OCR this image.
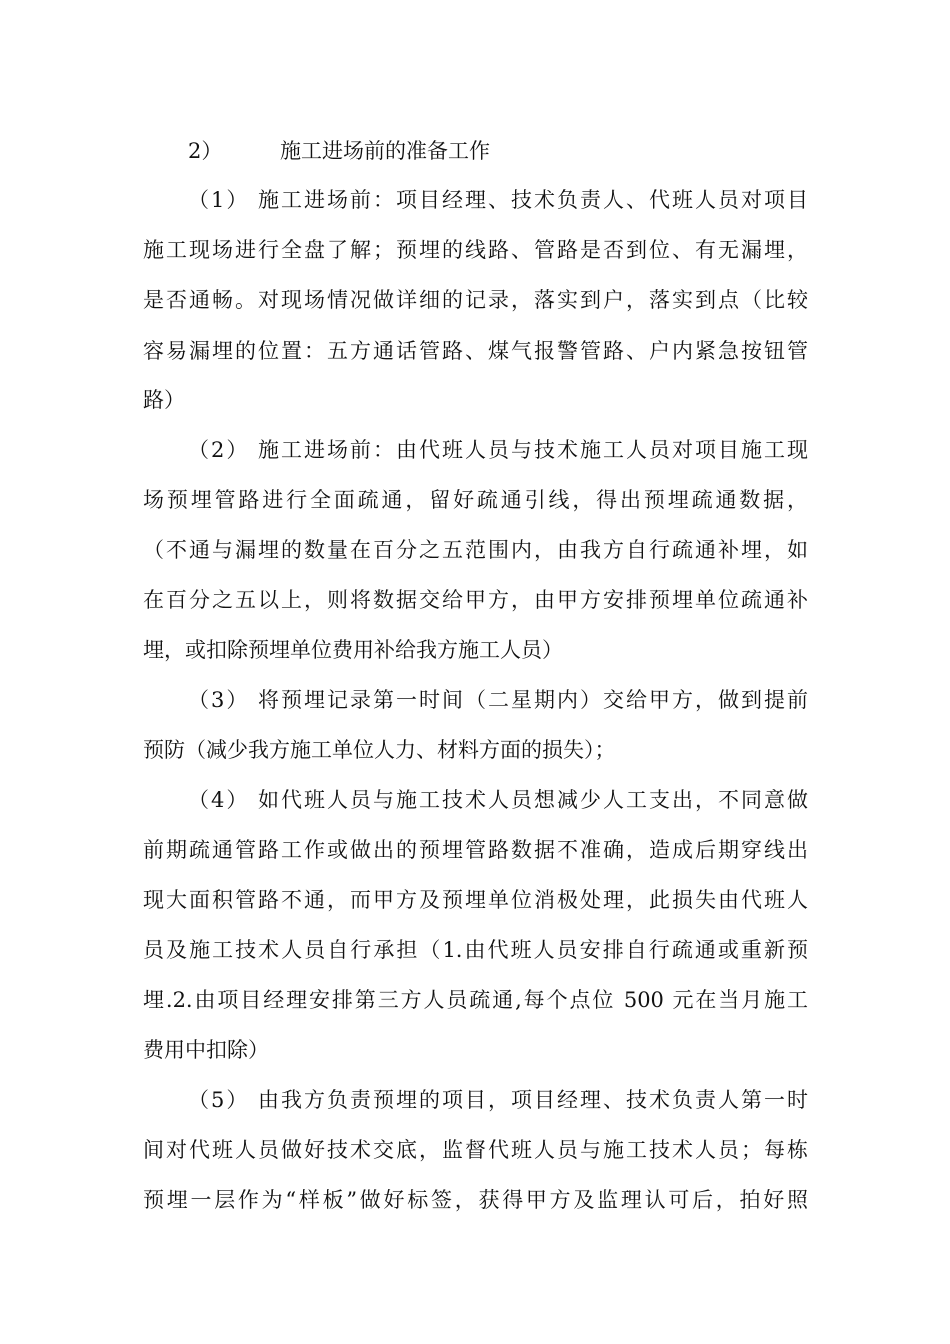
2）	施工进场前的准备工作
（1） 施工进场前：项目经理、技术负责人、代班人员对项目
施工现场进行全盘了解；预埋的线路、管路是否到位、有无漏埋，
是否通畅。对现场情况做详细的记录，落实到户，落实到点（比较
容易漏埋的位置：五方通话管路、煤气报警管路、户内紧急按钮管
路）
（2） 施工进场前：由代班人员与技术施工人员对项目施工现
场预埋管路进行全面疏通，留好疏通引线，得出预埋疏通数据，
（不通与漏埋的数量在百分之五范围内，由我方自行疏通补埋，如
在百分之五以上，则将数据交给甲方，由甲方安排预埋单位疏通补
埋，或扣除预埋单位费用补给我方施工人员）
（3） 将预埋记录第一时间（二星期内）交给甲方，做到提前
预防（减少我方施工单位人力、材料方面的损失）；
（4） 如代班人员与施工技术人员想减少人工支出，不同意做
前期疏通管路工作或做出的预埋管路数据不准确，造成后期穿线出
现大面积管路不通，而甲方及预埋单位消极处理，此损失由代班人
员及施工技术人员自行承担（1.由代班人员安排自行疏通或重新预
埋.2.由项目经理安排第三方人员疏通,每个点位 500 元在当月施工
费用中扣除）
（5） 由我方负责预埋的项目，项目经理、技术负责人第一时
间对代班人员做好技术交底，监督代班人员与施工技术人员；每栋
预埋一层作为“样板”做好标签，获得甲方及监理认可后，拍好照
